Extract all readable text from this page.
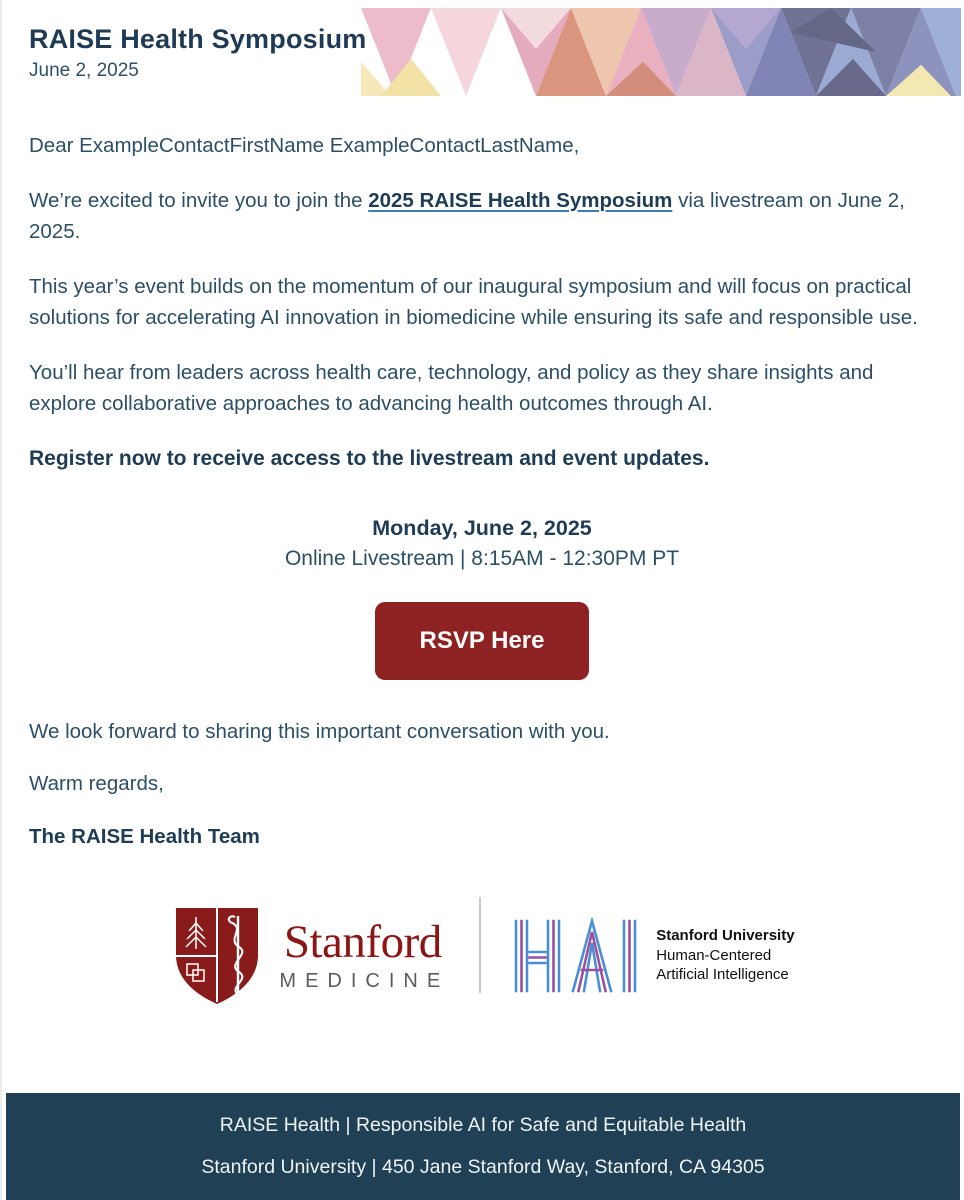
RAISE Health Symposium
June 2, 2025

Dear ExampleContactFirstName ExampleContactLastName,

We’re excited to invite you to join the 2025 RAISE Health Symposium via livestream on June 2, 2025.

This year’s event builds on the momentum of our inaugural symposium and will focus on practical solutions for accelerating AI innovation in biomedicine while ensuring its safe and responsible use.

You’ll hear from leaders across health care, technology, and policy as they share insights and explore collaborative approaches to advancing health outcomes through AI.

Register now to receive access to the livestream and event updates.

Monday, June 2, 2025
Online Livestream | 8:15AM - 12:30PM PT
RSVP Here

We look forward to sharing this important conversation with you.

Warm regards,

The RAISE Health Team

Stanford
MEDICINE
Stanford University
Human-Centered
Artificial Intelligence
RAISE Health | Responsible AI for Safe and Equitable Health
Stanford University | 450 Jane Stanford Way, Stanford, CA 94305
